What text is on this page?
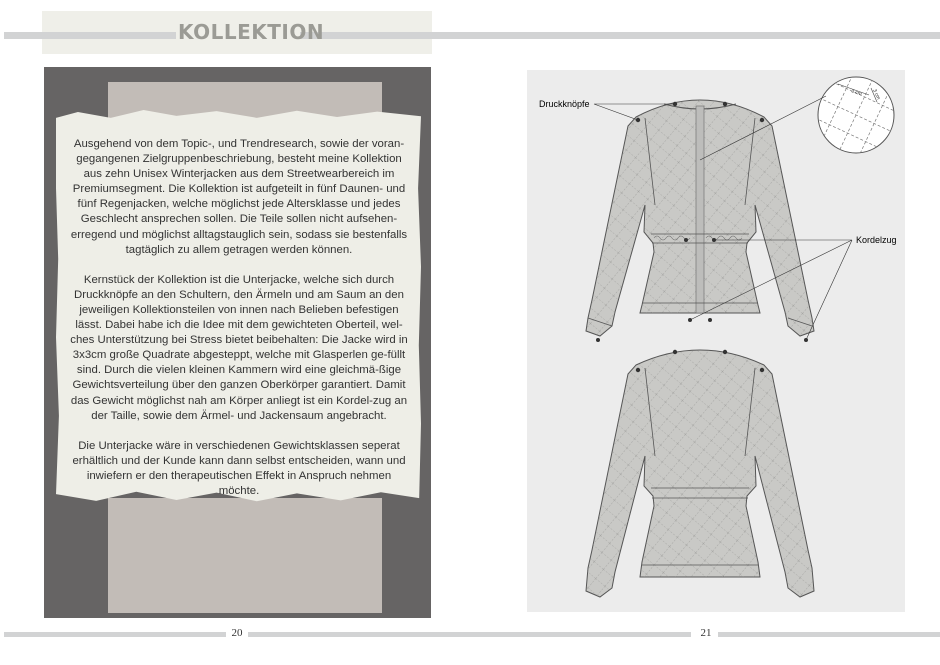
KOLLEKTION

Ausgehend von dem Topic-, und Trendresearch, sowie der voran-gegangenen Zielgruppenbeschriebung, besteht meine Kollektion aus zehn Unisex Winterjacken aus dem Streetwearbereich im Premiumsegment. Die Kollektion ist aufgeteilt in fünf Daunen- und fünf Regenjacken, welche möglichst jede Altersklasse und jedes Geschlecht ansprechen sollen. Die Teile sollen nicht aufsehen-erregend und möglichst alltagstauglich sein, sodass sie bestenfalls tagtäglich zu allem getragen werden können.

Kernstück der Kollektion ist die Unterjacke, welche sich durch Druckknöpfe an den Schultern, den Ärmeln und am Saum an den jeweiligen Kollektionsteilen von innen nach Belieben befestigen lässt. Dabei habe ich die Idee mit dem gewichteten Oberteil, wel-ches Unterstützung bei Stress bietet beibehalten: Die Jacke wird in 3x3cm große Quadrate abgesteppt, welche mit Glasperlen ge-füllt sind. Durch die vielen kleinen Kammern wird eine gleichmä-ßige Gewichtsverteilung über den ganzen Oberkörper garantiert. Damit das Gewicht möglichst nah am Körper anliegt ist ein Kordel-zug an der Taille, sowie dem Ärmel- und Jackensaum angebracht.

Die Unterjacke wäre in verschiedenen Gewichtsklassen seperat erhältlich und der Kunde kann dann selbst entscheiden, wann und inwiefern er den therapeutischen Effekt in Anspruch nehmen möchte.

3 cm 3 cm
Druckknöpfe
Kordelzug
20	21
